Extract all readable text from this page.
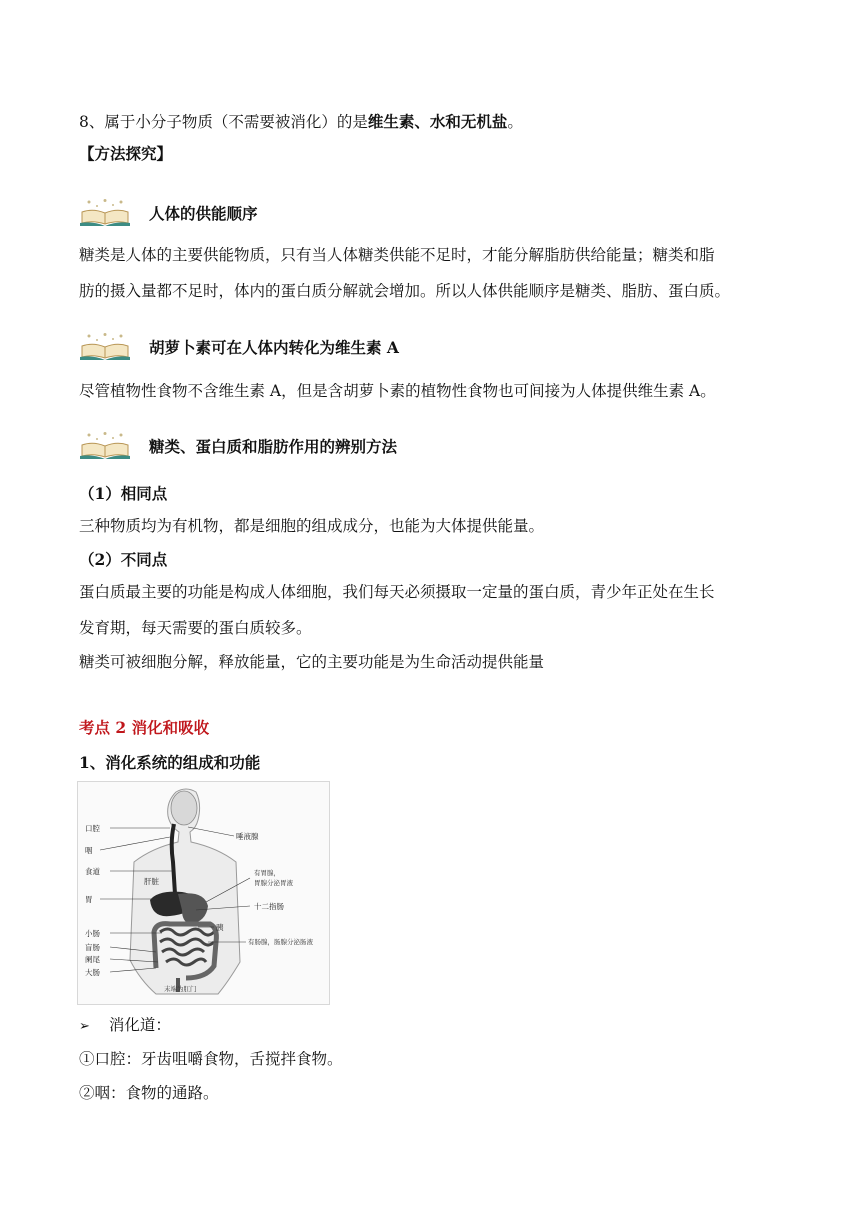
8、属于小分子物质（不需要被消化）的是维生素、水和无机盐。
【方法探究】
人体的供能顺序
糖类是人体的主要供能物质，只有当人体糖类供能不足时，才能分解脂肪供给能量；糖类和脂
肪的摄入量都不足时，体内的蛋白质分解就会增加。所以人体供能顺序是糖类、脂肪、蛋白质。
胡萝卜素可在人体内转化为维生素 A
尽管植物性食物不含维生素 A，但是含胡萝卜素的植物性食物也可间接为人体提供维生素 A。
糖类、蛋白质和脂肪作用的辨别方法
（1）相同点
三种物质均为有机物，都是细胞的组成成分，也能为大体提供能量。
（2）不同点
蛋白质最主要的功能是构成人体细胞，我们每天必须摄取一定量的蛋白质，青少年正处在生长
发育期，每天需要的蛋白质较多。
糖类可被细胞分解，释放能量，它的主要功能是为生命活动提供能量
考点 2 消化和吸收
1、消化系统的组成和功能
口腔
咽
食道
胃
小肠
盲肠
阑尾
大肠
肝脏
唾液腺
有胃腺，
胃腺分泌胃液
十二指肠
胰
有肠腺，肠腺分泌肠液
末端为肛门
➢ 消化道：
①口腔：牙齿咀嚼食物，舌搅拌食物。
②咽：食物的通路。
